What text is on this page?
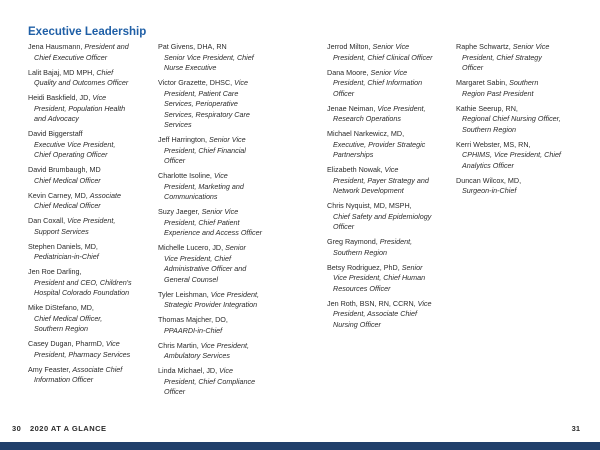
Executive Leadership
Jena Hausmann, President and
Chief Executive Officer
Lalit Bajaj, MD MPH, Chief
Quality and Outcomes Officer
Heidi Baskfield, JD, Vice
President, Population Health
and Advocacy
David Biggerstaff
Executive Vice President,
Chief Operating Officer
David Brumbaugh, MD
Chief Medical Officer
Kevin Carney, MD, Associate
Chief Medical Officer
Dan Coxall, Vice President,
Support Services
Stephen Daniels, MD,
Pediatrician-in-Chief
Jen Roe Darling,
President and CEO, Children's
Hospital Colorado Foundation
Mike DiStefano, MD,
Chief Medical Officer,
Southern Region
Casey Dugan, PharmD, Vice
President, Pharmacy Services
Amy Feaster, Associate Chief
Information Officer
Pat Givens, DHA, RN
Senior Vice President, Chief
Nurse Executive
Victor Grazette, DHSC, Vice
President, Patient Care
Services, Perioperative
Services, Respiratory Care
Services
Jeff Harrington, Senior Vice
President, Chief Financial
Officer
Charlotte Isoline, Vice
President, Marketing and
Communications
Suzy Jaeger, Senior Vice
President, Chief Patient
Experience and Access Officer
Michelle Lucero, JD, Senior
Vice President, Chief
Administrative Officer and
General Counsel
Tyler Leishman, Vice President,
Strategic Provider Integration
Thomas Majcher, DO,
PPAARDI-in-Chief
Chris Martin, Vice President,
Ambulatory Services
Linda Michael, JD, Vice
President, Chief Compliance
Officer
Jerrod Milton, Senior Vice
President, Chief Clinical Officer
Dana Moore, Senior Vice
President, Chief Information
Officer
Jenae Neiman, Vice President,
Research Operations
Michael Narkewicz, MD,
Executive, Provider Strategic
Partnerships
Elizabeth Nowak, Vice
President, Payer Strategy and
Network Development
Chris Nyquist, MD, MSPH,
Chief Safety and Epidemiology
Officer
Greg Raymond, President,
Southern Region
Betsy Rodriguez, PhD, Senior
Vice President, Chief Human
Resources Officer
Jen Roth, BSN, RN, CCRN, Vice
President, Associate Chief
Nursing Officer
Raphe Schwartz, Senior Vice
President, Chief Strategy
Officer
Margaret Sabin, Southern
Region Past President
Kathie Seerup, RN,
Regional Chief Nursing Officer,
Southern Region
Kerri Webster, MS, RN,
CPHIMS, Vice President, Chief
Analytics Officer
Duncan Wilcox, MD,
Surgeon-in-Chief
30 2020 AT A GLANCE	31
